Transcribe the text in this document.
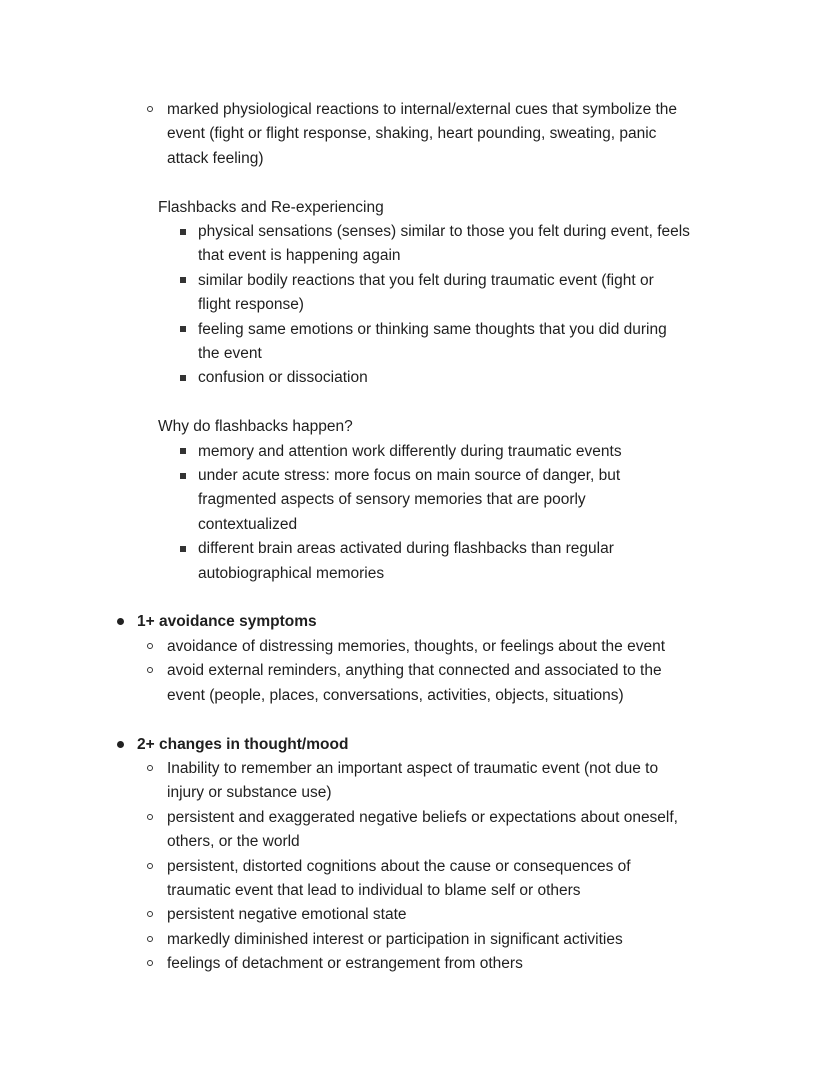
marked physiological reactions to internal/external cues that symbolize the
event (fight or flight response, shaking, heart pounding, sweating, panic
attack feeling)
Flashbacks and Re-experiencing
physical sensations (senses) similar to those you felt during event, feels
that event is happening again
similar bodily reactions that you felt during traumatic event (fight or
flight response)
feeling same emotions or thinking same thoughts that you did during
the event
confusion or dissociation
Why do flashbacks happen?
memory and attention work differently during traumatic events
under acute stress: more focus on main source of danger, but
fragmented aspects of sensory memories that are poorly
contextualized
different brain areas activated during flashbacks than regular
autobiographical memories
1+ avoidance symptoms
avoidance of distressing memories, thoughts, or feelings about the event
avoid external reminders, anything that connected and associated to the
event (people, places, conversations, activities, objects, situations)
2+ changes in thought/mood
Inability to remember an important aspect of traumatic event (not due to
injury or substance use)
persistent and exaggerated negative beliefs or expectations about oneself,
others, or the world
persistent, distorted cognitions about the cause or consequences of
traumatic event that lead to individual to blame self or others
persistent negative emotional state
markedly diminished interest or participation in significant activities
feelings of detachment or estrangement from others
